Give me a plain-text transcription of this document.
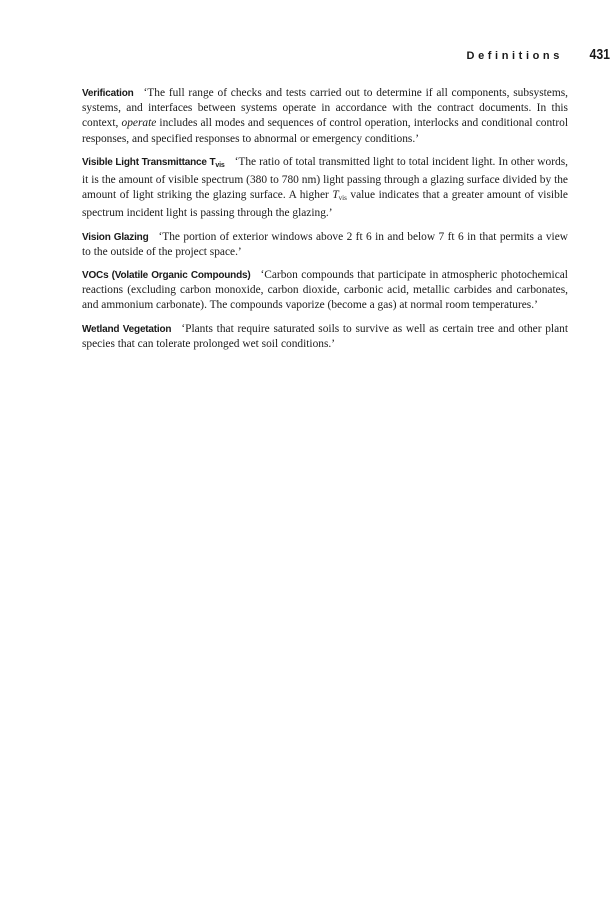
Definitions 431

Verification ‘The full range of checks and tests carried out to determine if all components, subsystems, systems, and interfaces between systems operate in accordance with the contract documents. In this context, operate includes all modes and sequences of control operation, interlocks and conditional control responses, and specified responses to abnormal or emergency conditions.’

Visible Light Transmittance $T_{vis}$ ‘The ratio of total transmitted light to total incident light. In other words, it is the amount of visible spectrum (380 to 780 nm) light passing through a glazing surface divided by the amount of light striking the glazing surface. A higher $T_{vis}$ value indicates that a greater amount of visible spectrum incident light is passing through the glazing.’

Vision Glazing ‘The portion of exterior windows above 2 ft 6 in and below 7 ft 6 in that permits a view to the outside of the project space.’

VOCs (Volatile Organic Compounds) ‘Carbon compounds that participate in atmospheric photochemical reactions (excluding carbon monoxide, carbon dioxide, carbonic acid, metallic carbides and carbonates, and ammonium carbonate). The compounds vaporize (become a gas) at normal room temperatures.’

Wetland Vegetation ‘Plants that require saturated soils to survive as well as certain tree and other plant species that can tolerate prolonged wet soil conditions.’
